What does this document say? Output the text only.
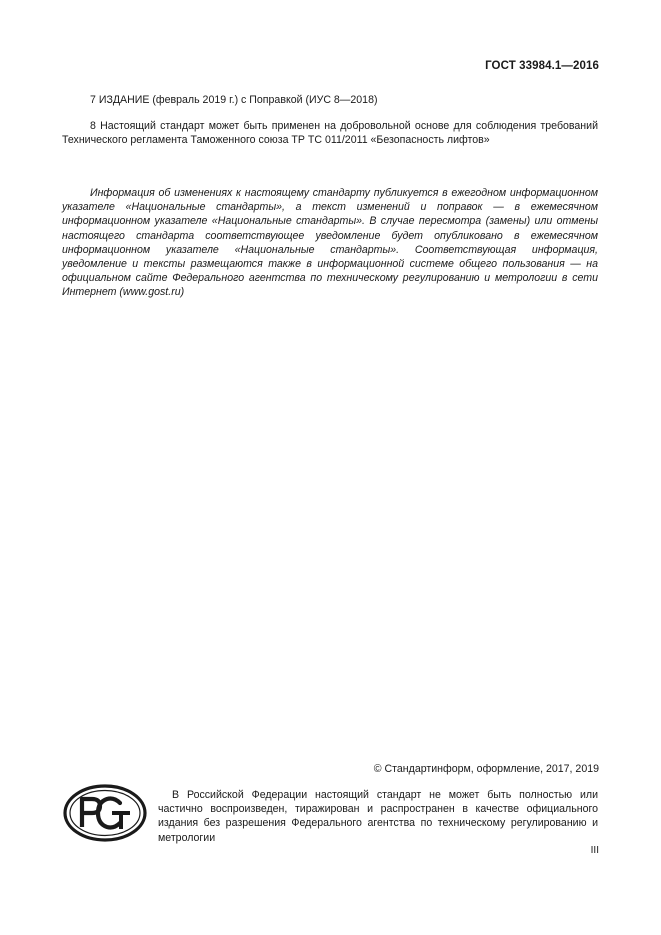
ГОСТ 33984.1—2016
7 ИЗДАНИЕ (февраль 2019 г.) с Поправкой (ИУС 8—2018)
8 Настоящий стандарт может быть применен на добровольной основе для соблюдения требований Технического регламента Таможенного союза ТР ТС 011/2011 «Безопасность лифтов»
Информация об изменениях к настоящему стандарту публикуется в ежегодном информационном указателе «Национальные стандарты», а текст изменений и поправок — в ежемесячном информационном указателе «Национальные стандарты». В случае пересмотра (замены) или отмены настоящего стандарта соответствующее уведомление будет опубликовано в ежемесячном информационном указателе «Национальные стандарты». Соответствующая информация, уведомление и тексты размещаются также в информационной системе общего пользования — на официальном сайте Федерального агентства по техническому регулированию и метрологии в сети Интернет (www.gost.ru)
© Стандартинформ, оформление, 2017, 2019
В Российской Федерации настоящий стандарт не может быть полностью или частично воспроизведен, тиражирован и распространен в качестве официального издания без разрешения Федерального агентства по техническому регулированию и метрологии
III
